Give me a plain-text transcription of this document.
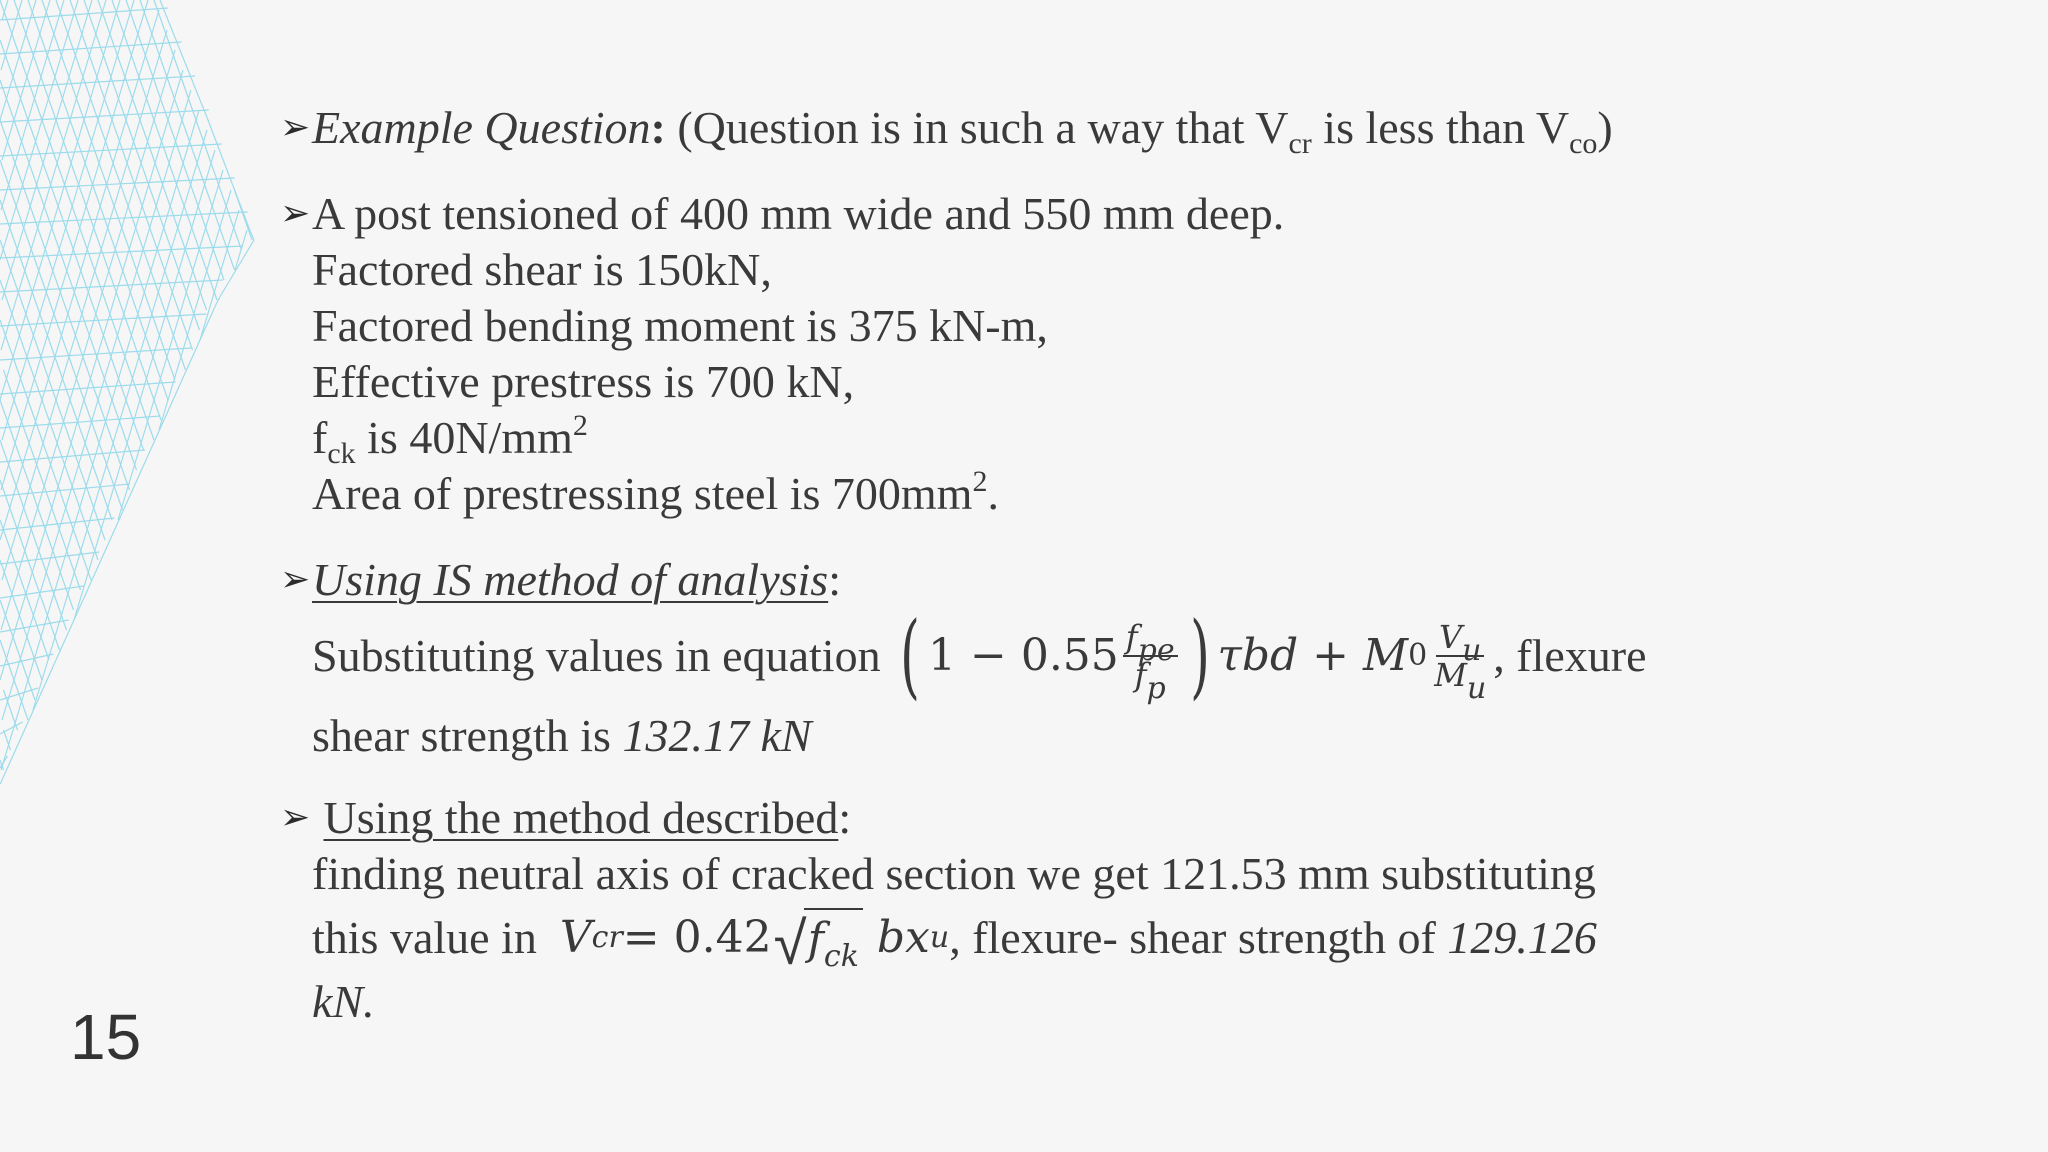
➢ Example Question: (Question is in such a way that $V_{cr}$ is less than $V_{co}$)
➢ A post tensioned of 400 mm wide and 550 mm deep.
Factored shear is 150kN,
Factored bending moment is 375 kN-m,
Effective prestress is 700 kN,
$f_{ck}$ is $40N/mm^2$
Area of prestressing steel is $700mm^2$.
➢ Using IS method of analysis:
Substituting values in equation
( $1 - 0.55 \frac{f_{pe}}{f_p}$ ) τbd + M $0 \frac{V_u}{M_u}$ , flexure
shear strength is 132.17 kN
➢ Using the method described:
finding neutral axis of cracked section we get 121.53 mm substituting
this value in V cr = 0.42 √ $f_{ck}$ bx u , flexure- shear strength of 129.126
kN.
15
